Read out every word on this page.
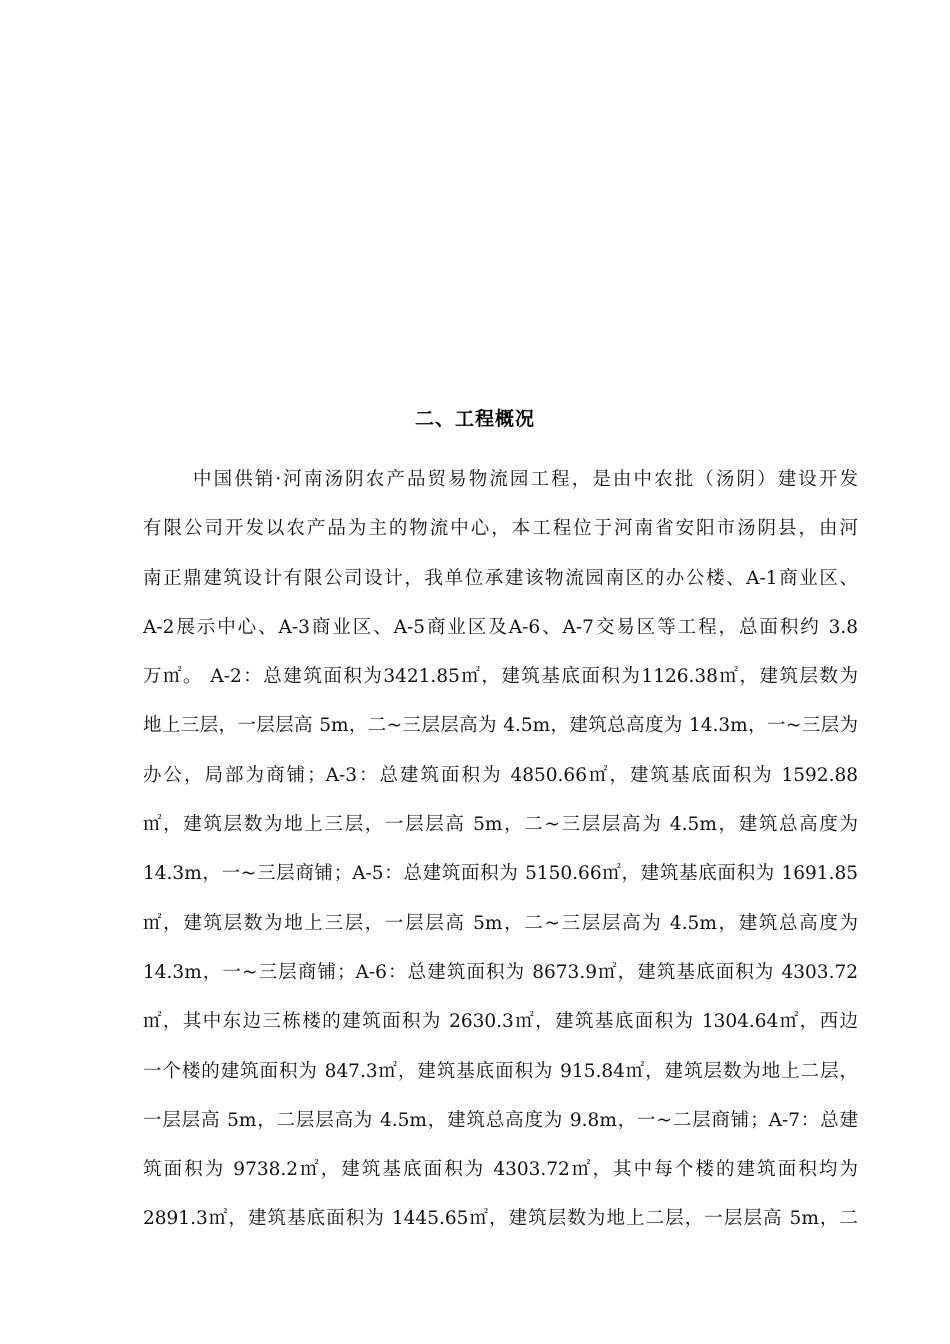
二、工程概况
中国供销·河南汤阴农产品贸易物流园工程，是由中农批（汤阴）建设开发
有限公司开发以农产品为主的物流中心，本工程位于河南省安阳市汤阴县，由河
南正鼎建筑设计有限公司设计，我单位承建该物流园南区的办公楼、A-1商业区、
A-2展示中心、A-3商业区、A-5商业区及A-6、A-7交易区等工程，总面积约 3.8
万㎡。 A-2：总建筑面积为3421.85㎡，建筑基底面积为1126.38㎡，建筑层数为
地上三层，一层层高 5m，二~三层层高为 4.5m，建筑总高度为 14.3m，一~三层为
办公，局部为商铺；A-3：总建筑面积为 4850.66㎡，建筑基底面积为 1592.88
㎡，建筑层数为地上三层，一层层高 5m，二~三层层高为 4.5m，建筑总高度为
14.3m，一~三层商铺；A-5：总建筑面积为 5150.66㎡，建筑基底面积为 1691.85
㎡，建筑层数为地上三层，一层层高 5m，二~三层层高为 4.5m，建筑总高度为
14.3m，一~三层商铺；A-6：总建筑面积为 8673.9㎡，建筑基底面积为 4303.72
㎡，其中东边三栋楼的建筑面积为 2630.3㎡，建筑基底面积为 1304.64㎡，西边
一个楼的建筑面积为 847.3㎡，建筑基底面积为 915.84㎡，建筑层数为地上二层，
一层层高 5m，二层层高为 4.5m，建筑总高度为 9.8m，一~二层商铺；A-7：总建
筑面积为 9738.2㎡，建筑基底面积为 4303.72㎡，其中每个楼的建筑面积均为
2891.3㎡，建筑基底面积为 1445.65㎡，建筑层数为地上二层，一层层高 5m，二
